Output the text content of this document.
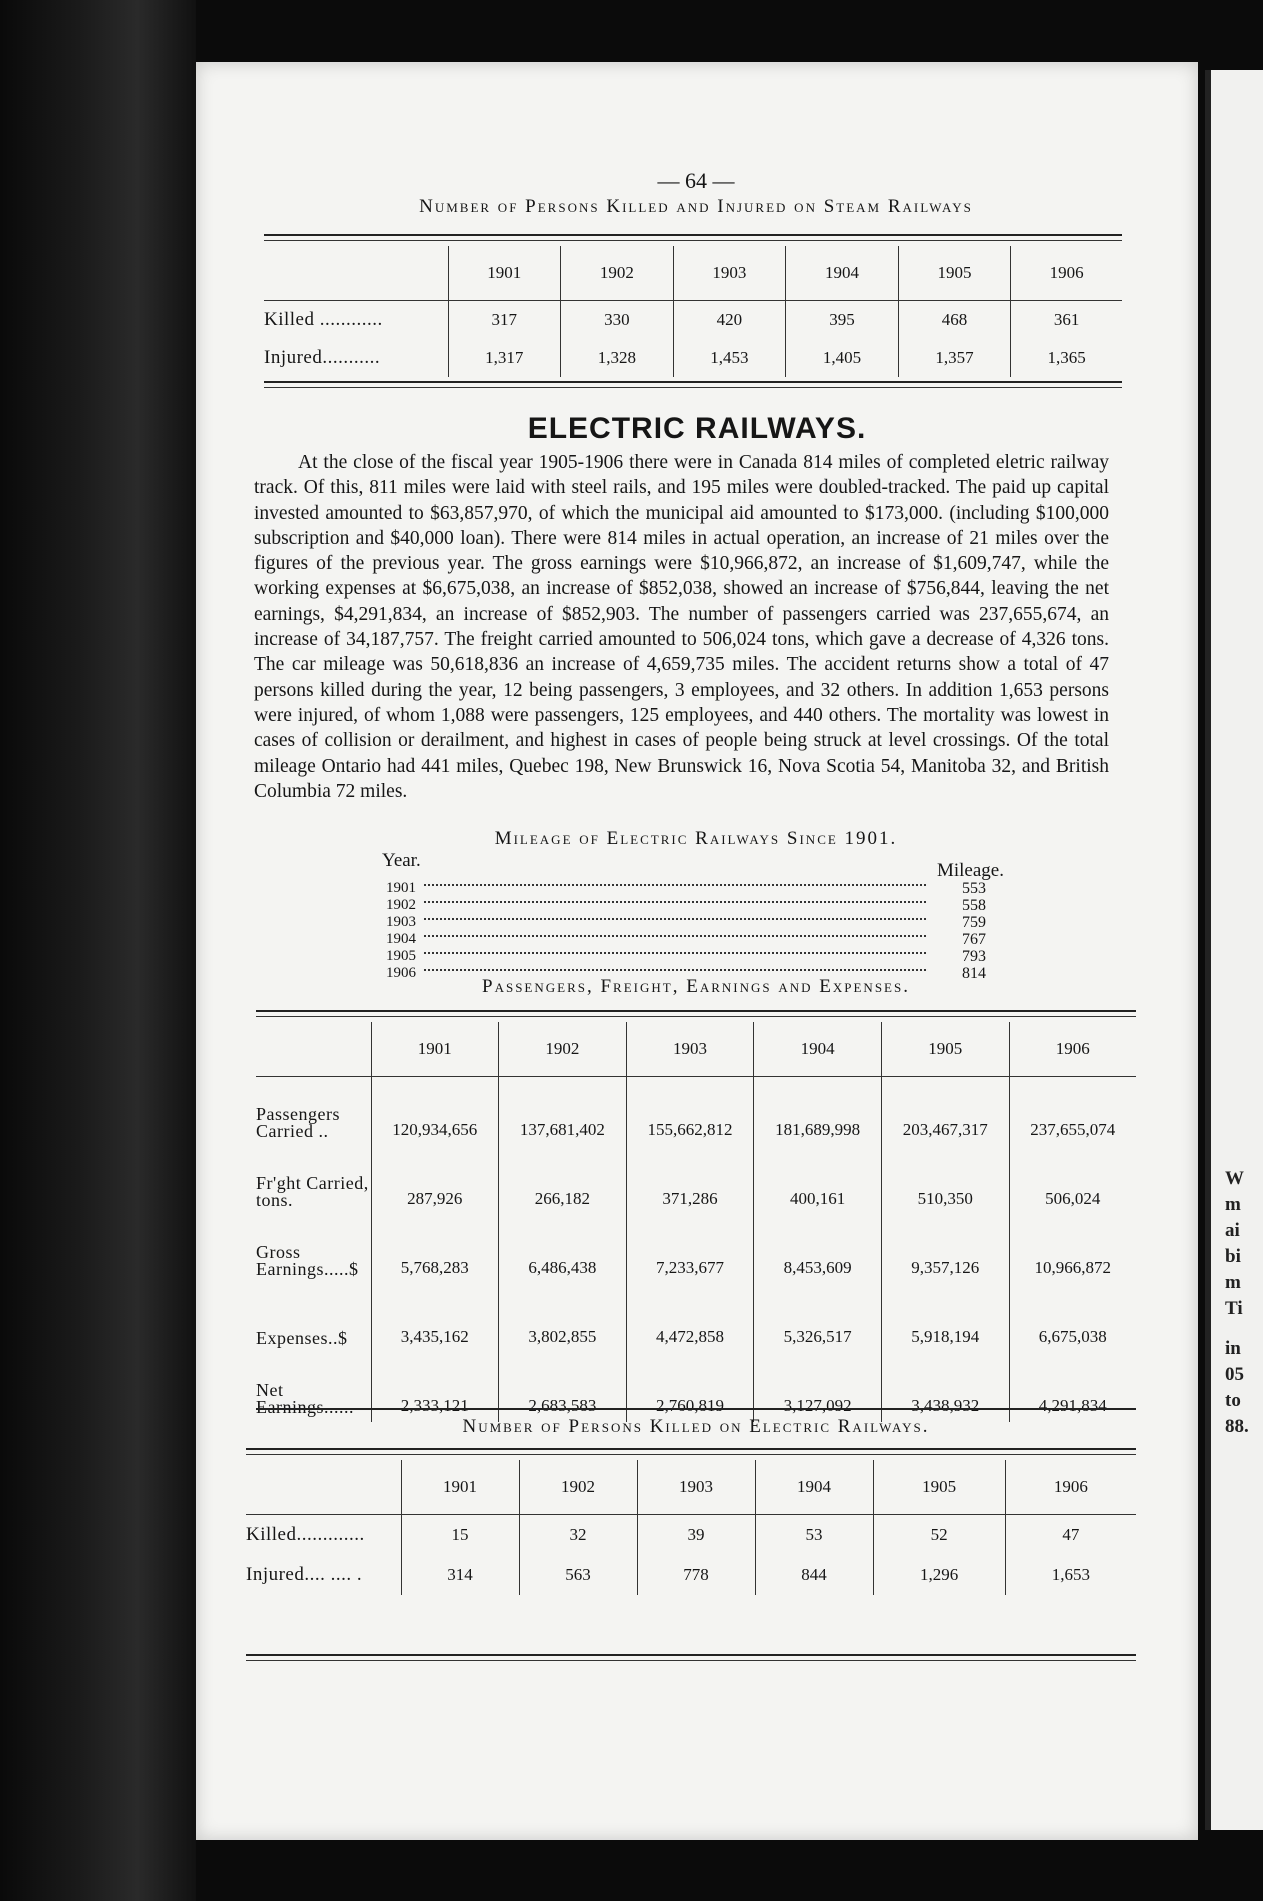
W
m
ai
bi
m
Ti
in
05
to
88.
— 64 —
Number of Persons Killed and Injured on Steam Railways
	1901	1902	1903	1904	1905	1906
Killed ............	317	330	420	395	468	361
Injured...........	1,317	1,328	1,453	1,405	1,357	1,365
ELECTRIC RAILWAYS.
At the close of the fiscal year 1905-1906 there were in Canada 814 miles of completed eletric railway track. Of this, 811 miles were laid with steel rails, and 195 miles were doubled-tracked. The paid up capital invested amounted to $63,857,970, of which the municipal aid amounted to $173,000. (including $100,000 subscription and $40,000 loan). There were 814 miles in actual operation, an increase of 21 miles over the figures of the previous year. The gross earnings were $10,966,872, an increase of $1,609,747, while the working expenses at $6,675,038, an increase of $852,038, showed an increase of $756,844, leaving the net earnings, $4,291,834, an increase of $852,903. The number of passengers carried was 237,655,674, an increase of 34,187,757. The freight carried amounted to 506,024 tons, which gave a decrease of 4,326 tons. The car mileage was 50,618,836 an increase of 4,659,735 miles. The accident returns show a total of 47 persons killed during the year, 12 being passengers, 3 employees, and 32 others. In addition 1,653 persons were injured, of whom 1,088 were passengers, 125 employees, and 440 others. The mortality was lowest in cases of collision or derailment, and highest in cases of people being struck at level crossings. Of the total mileage Ontario had 441 miles, Quebec 198, New Brunswick 16, Nova Scotia 54, Manitoba 32, and British Columbia 72 miles.
Mileage of Electric Railways Since 1901.
Year.	Mileage.
1901	553
1902	558
1903	759
1904	767
1905	793
1906	814
Passengers, Freight, Earnings and Expenses.
	1901	1902	1903	1904	1905	1906
Passengers Carried ..	120,934,656	137,681,402	155,662,812	181,689,998	203,467,317	237,655,074
Fr'ght Carried, tons.	287,926	266,182	371,286	400,161	510,350	506,024
Gross Earnings.....$	5,768,283	6,486,438	7,233,677	8,453,609	9,357,126	10,966,872
Expenses..$	3,435,162	3,802,855	4,472,858	5,326,517	5,918,194	6,675,038
Net Earnings......	2,333,121	2,683,583	2,760,819	3,127,092	3,438,932	4,291,834
Number of Persons Killed on Electric Railways.
	1901	1902	1903	1904	1905	1906
Killed.............	15	32	39	53	52	47
Injured.... .... .	314	563	778	844	1,296	1,653
